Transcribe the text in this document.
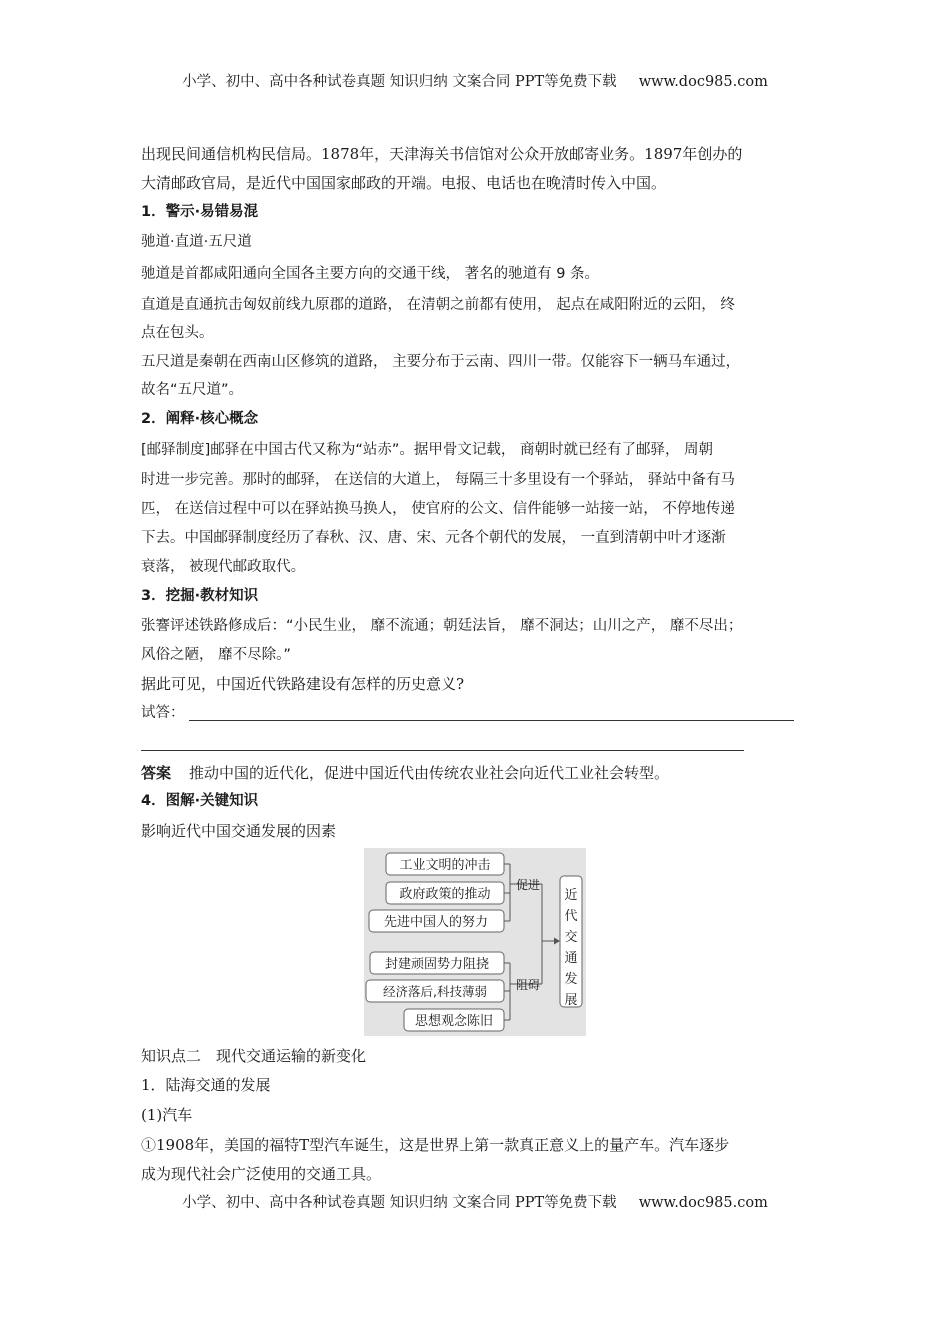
小学、初中、高中各种试卷真题 知识归纳 文案合同 PPT等免费下载 www.doc985.com
出现民间通信机构民信局。1878年，天津海关书信馆对公众开放邮寄业务。1897年创办的
大清邮政官局，是近代中国国家邮政的开端。电报、电话也在晚清时传入中国。
1．警示·易错易混
驰道·直道·五尺道
驰道是首都咸阳通向全国各主要方向的交通干线， 著名的驰道有 9 条。
直道是直通抗击匈奴前线九原郡的道路， 在清朝之前都有使用， 起点在咸阳附近的云阳， 终
点在包头。
五尺道是秦朝在西南山区修筑的道路， 主要分布于云南、四川一带。仅能容下一辆马车通过，
故名“五尺道”。
2．阐释·核心概念
[邮驿制度]邮驿在中国古代又称为“站赤”。据甲骨文记载， 商朝时就已经有了邮驿， 周朝
时进一步完善。那时的邮驿， 在送信的大道上， 每隔三十多里设有一个驿站， 驿站中备有马
匹， 在送信过程中可以在驿站换马换人， 使官府的公文、信件能够一站接一站， 不停地传递
下去。中国邮驿制度经历了春秋、汉、唐、宋、元各个朝代的发展， 一直到清朝中叶才逐渐
衰落， 被现代邮政取代。
3．挖掘·教材知识
张謇评述铁路修成后：“小民生业， 靡不流通；朝廷法旨， 靡不洞达；山川之产， 靡不尽出；
风俗之陋， 靡不尽除。”
据此可见，中国近代铁路建设有怎样的历史意义?
试答：
答案 推动中国的近代化，促进中国近代由传统农业社会向近代工业社会转型。
4．图解·关键知识
影响近代中国交通发展的因素
工业文明的冲击
政府政策的推动
先进中国人的努力
封建顽固势力阻挠
经济落后,科技薄弱
思想观念陈旧
促进
阻碍
近
代
交
通
发
展
知识点二　现代交通运输的新变化
1．陆海交通的发展
(1)汽车
①1908年，美国的福特T型汽车诞生，这是世界上第一款真正意义上的量产车。汽车逐步
成为现代社会广泛使用的交通工具。
小学、初中、高中各种试卷真题 知识归纳 文案合同 PPT等免费下载 www.doc985.com
